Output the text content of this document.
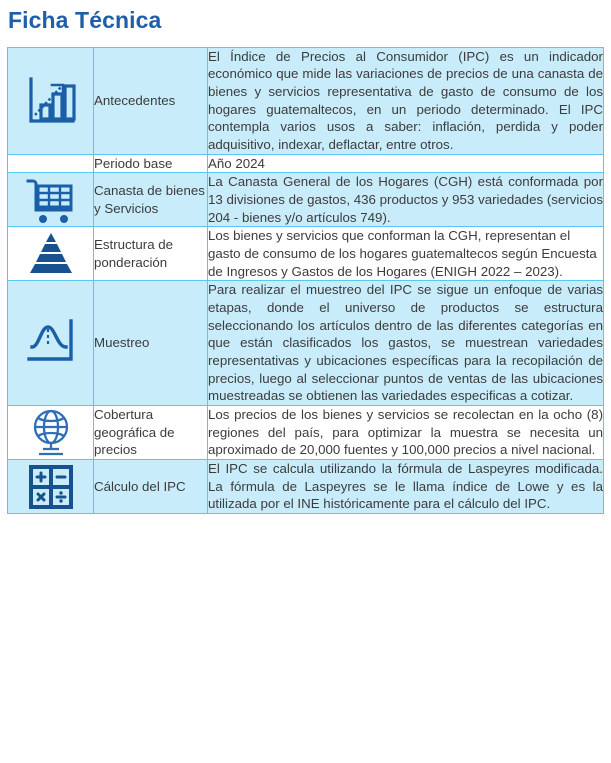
Ficha Técnica
	Antecedentes	El Índice de Precios al Consumidor (IPC) es un indicador económico que mide las variaciones de precios de una canasta de bienes y servicios representativa de gasto de consumo de los hogares guatemaltecos, en un periodo determinado. El IPC contempla varios usos a saber: inflación, perdida y poder adquisitivo, indexar, deflactar, entre otros.
	Periodo base	Año 2024

	Canasta de bienes y Servicios	La Canasta General de los Hogares (CGH) está conformada por 13 divisiones de gastos, 436 productos y 953 variedades (servicios 204 - bienes y/o artículos 749).

	Estructura de ponderación	Los bienes y servicios que conforman la CGH, representan el gasto de consumo de los hogares guatemaltecos según Encuesta de Ingresos y Gastos de los Hogares (ENIGH 2022 – 2023).

	Muestreo	Para realizar el muestreo del IPC se sigue un enfoque de varias etapas, donde el universo de productos se estructura seleccionando los artículos dentro de las diferentes categorías en que están clasificados los gastos, se muestrean variedades representativas y ubicaciones específicas para la recopilación de precios, luego al seleccionar puntos de ventas de las ubicaciones muestreadas se obtienen las variedades especificas a cotizar.

	Cobertura geográfica de precios	Los precios de los bienes y servicios se recolectan en la ocho (8) regiones del país, para optimizar la muestra se necesita un aproximado de 20,000 fuentes y 100,000 precios a nivel nacional.

	Cálculo del IPC	El IPC se calcula utilizando la fórmula de Laspeyres modificada. La fórmula de Laspeyres se le llama índice de Lowe y es la utilizada por el INE históricamente para el cálculo del IPC.
